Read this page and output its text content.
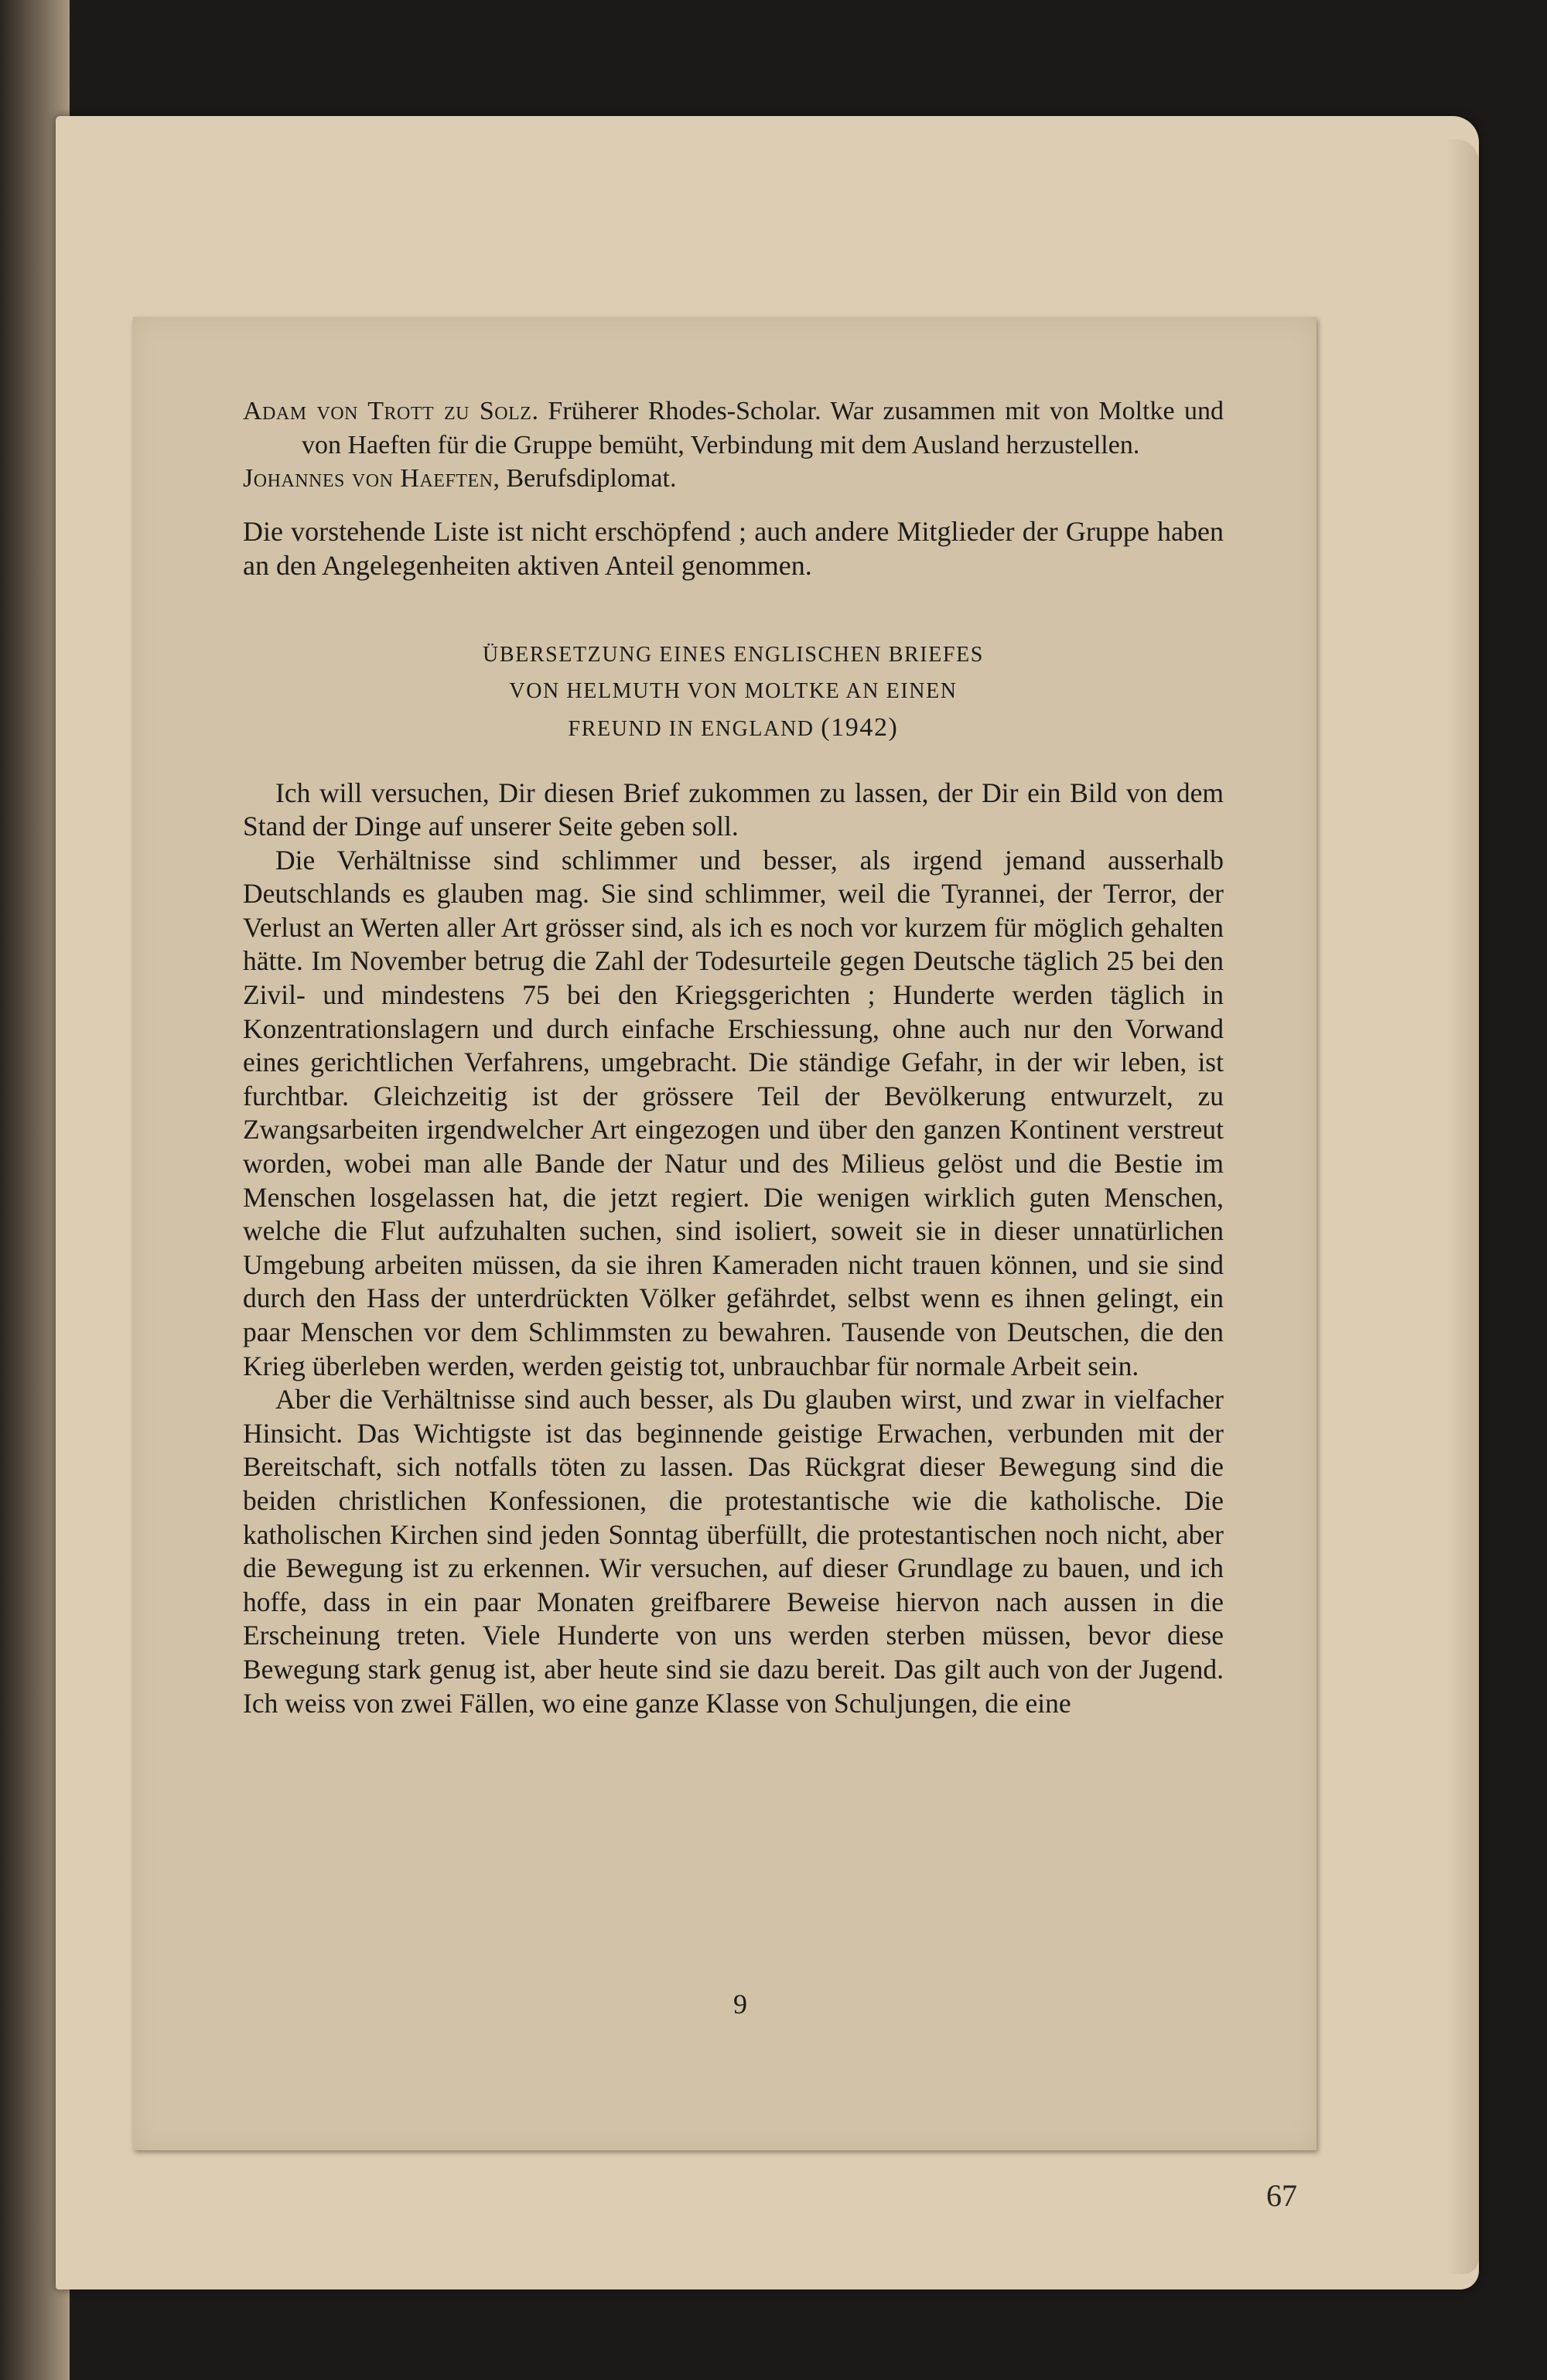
Adam von Trott zu Solz. Früherer Rhodes-Scholar. War zusammen mit von Moltke und von Haeften für die Gruppe bemüht, Verbindung mit dem Ausland herzustellen.
Johannes von Haeften, Berufsdiplomat.

Die vorstehende Liste ist nicht erschöpfend ; auch andere Mitglieder der Gruppe haben an den Angelegenheiten aktiven Anteil genommen.

ÜBERSETZUNG EINES ENGLISCHEN BRIEFES
VON HELMUTH VON MOLTKE AN EINEN
FREUND IN ENGLAND (1942)

Ich will versuchen, Dir diesen Brief zukommen zu lassen, der Dir ein Bild von dem Stand der Dinge auf unserer Seite geben soll.

Die Verhältnisse sind schlimmer und besser, als irgend jemand ausserhalb Deutschlands es glauben mag. Sie sind schlimmer, weil die Tyrannei, der Terror, der Verlust an Werten aller Art grösser sind, als ich es noch vor kurzem für möglich gehalten hätte. Im November betrug die Zahl der Todesurteile gegen Deutsche täglich 25 bei den Zivil- und mindestens 75 bei den Kriegsgerichten ; Hunderte werden täglich in Konzentrationslagern und durch einfache Erschiessung, ohne auch nur den Vorwand eines gerichtlichen Verfahrens, umgebracht. Die ständige Gefahr, in der wir leben, ist furchtbar. Gleichzeitig ist der grössere Teil der Bevölkerung entwurzelt, zu Zwangsarbeiten irgendwelcher Art eingezogen und über den ganzen Kontinent verstreut worden, wobei man alle Bande der Natur und des Milieus gelöst und die Bestie im Menschen losgelassen hat, die jetzt regiert. Die wenigen wirklich guten Menschen, welche die Flut aufzuhalten suchen, sind isoliert, soweit sie in dieser unnatürlichen Umgebung arbeiten müssen, da sie ihren Kameraden nicht trauen können, und sie sind durch den Hass der unterdrückten Völker gefährdet, selbst wenn es ihnen gelingt, ein paar Menschen vor dem Schlimmsten zu bewahren. Tausende von Deutschen, die den Krieg überleben werden, werden geistig tot, unbrauchbar für normale Arbeit sein.

Aber die Verhältnisse sind auch besser, als Du glauben wirst, und zwar in vielfacher Hinsicht. Das Wichtigste ist das beginnende geistige Erwachen, verbunden mit der Bereitschaft, sich notfalls töten zu lassen. Das Rückgrat dieser Bewegung sind die beiden christlichen Konfessionen, die protestantische wie die katholische. Die katholischen Kirchen sind jeden Sonntag überfüllt, die protestantischen noch nicht, aber die Bewegung ist zu erkennen. Wir versuchen, auf dieser Grundlage zu bauen, und ich hoffe, dass in ein paar Monaten greifbarere Beweise hiervon nach aussen in die Erscheinung treten. Viele Hunderte von uns werden sterben müssen, bevor diese Bewegung stark genug ist, aber heute sind sie dazu bereit. Das gilt auch von der Jugend. Ich weiss von zwei Fällen, wo eine ganze Klasse von Schuljungen, die eine

9
67
